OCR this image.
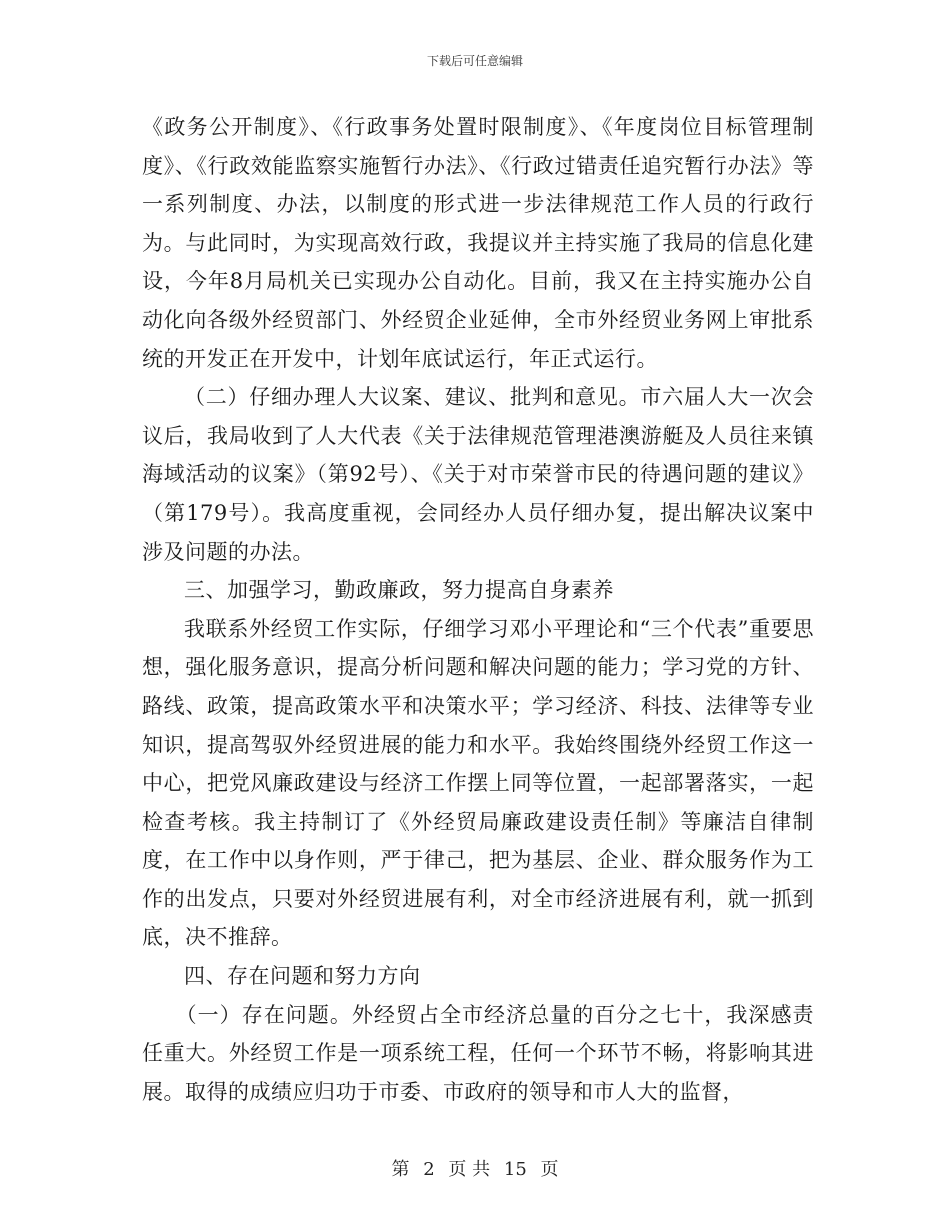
下载后可任意编辑

《政务公开制度》、《行政事务处置时限制度》、《年度岗位目标管理制度》、《行政效能监察实施暂行办法》、《行政过错责任追究暂行办法》等一系列制度、办法，以制度的形式进一步法律规范工作人员的行政行为。与此同时，为实现高效行政，我提议并主持实施了我局的信息化建设，今年8月局机关已实现办公自动化。目前，我又在主持实施办公自动化向各级外经贸部门、外经贸企业延伸，全市外经贸业务网上审批系统的开发正在开发中，计划年底试运行，年正式运行。

（二）仔细办理人大议案、建议、批判和意见。市六届人大一次会议后，我局收到了人大代表《关于法律规范管理港澳游艇及人员往来镇海域活动的议案》（第92号）、《关于对市荣誉市民的待遇问题的建议》（第179号）。我高度重视，会同经办人员仔细办复，提出解决议案中涉及问题的办法。

三、加强学习，勤政廉政，努力提高自身素养

我联系外经贸工作实际，仔细学习邓小平理论和“三个代表”重要思想，强化服务意识，提高分析问题和解决问题的能力；学习党的方针、路线、政策，提高政策水平和决策水平；学习经济、科技、法律等专业知识，提高驾驭外经贸进展的能力和水平。我始终围绕外经贸工作这一中心，把党风廉政建设与经济工作摆上同等位置，一起部署落实，一起检查考核。我主持制订了《外经贸局廉政建设责任制》等廉洁自律制度，在工作中以身作则，严于律己，把为基层、企业、群众服务作为工作的出发点，只要对外经贸进展有利，对全市经济进展有利，就一抓到底，决不推辞。

四、存在问题和努力方向

（一）存在问题。外经贸占全市经济总量的百分之七十，我深感责任重大。外经贸工作是一项系统工程，任何一个环节不畅，将影响其进展。取得的成绩应归功于市委、市政府的领导和市人大的监督，

第 2 页 共 15 页
